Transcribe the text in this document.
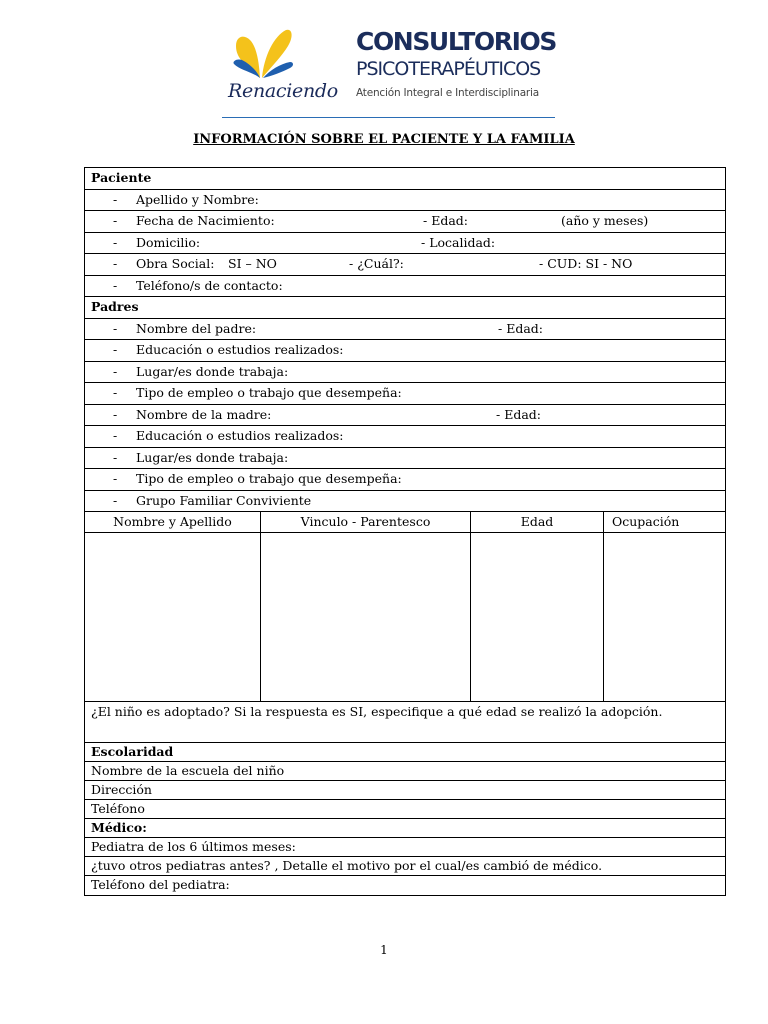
Renaciendo
CONSULTORIOS
PSICOTERAPÉUTICOS
Atención Integral e Interdisciplinaria
INFORMACIÓN SOBRE EL PACIENTE Y LA FAMILIA
Paciente
- Apellido y Nombre:
- Fecha de Nacimiento:	- Edad:	(año y meses)
- Domicilio:	- Localidad:
- Obra Social: SI – NO	- ¿Cuál?:	- CUD: SI - NO
- Teléfono/s de contacto:
Padres
- Nombre del padre:	- Edad:
- Educación o estudios realizados:
- Lugar/es donde trabaja:
- Tipo de empleo o trabajo que desempeña:
- Nombre de la madre:	- Edad:
- Educación o estudios realizados:
- Lugar/es donde trabaja:
- Tipo de empleo o trabajo que desempeña:
- Grupo Familiar Conviviente
Nombre y Apellido	Vinculo - Parentesco	Edad	Ocupación
¿El niño es adoptado? Si la respuesta es SI, especifique a qué edad se realizó la adopción.
Escolaridad
Nombre de la escuela del niño
Dirección
Teléfono
Médico:
Pediatra de los 6 últimos meses:
¿tuvo otros pediatras antes? , Detalle el motivo por el cual/es cambió de médico.
Teléfono del pediatra:
1
